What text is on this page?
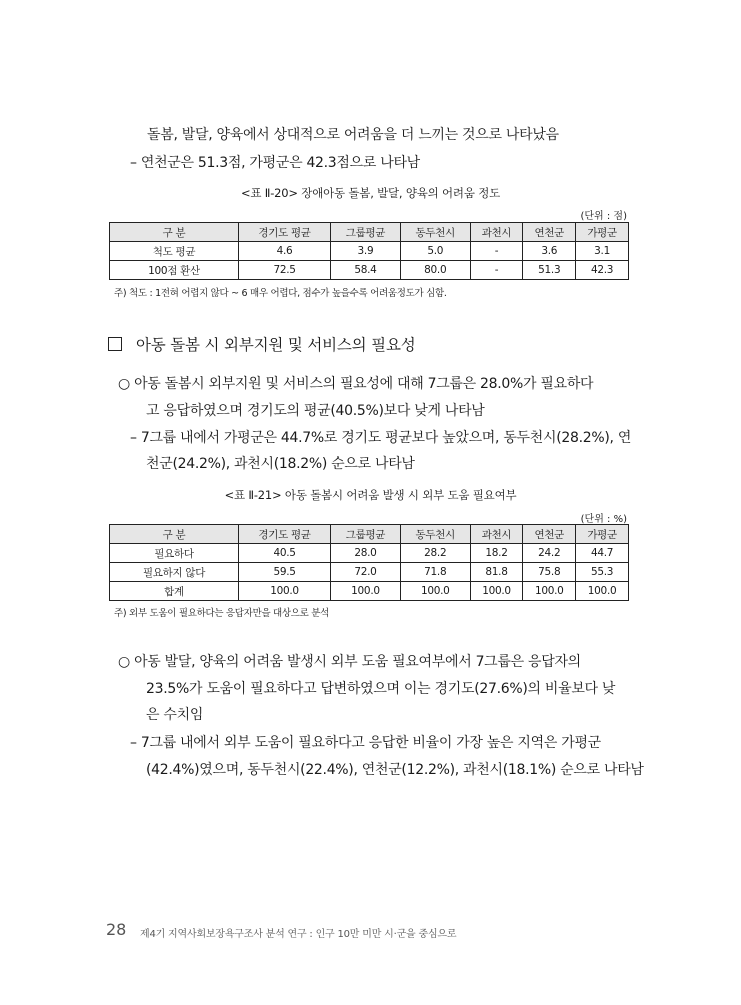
돌봄, 발달, 양육에서 상대적으로 어려움을 더 느끼는 것으로 나타났음
– 연천군은 51.3점, 가평군은 42.3점으로 나타남
<표 Ⅱ-20> 장애아동 돌봄, 발달, 양육의 어려움 정도
(단위 : 점)
구 분	경기도 평균	그룹평균	동두천시	과천시	연천군	가평군
척도 평균	4.6	3.9	5.0	-	3.6	3.1
100점 환산	72.5	58.4	80.0	-	51.3	42.3
주) 척도 : 1전혀 어렵지 않다 ~ 6 매우 어렵다, 점수가 높을수록 어려움정도가 심함.
아동 돌봄 시 외부지원 및 서비스의 필요성
○ 아동 돌봄시 외부지원 및 서비스의 필요성에 대해 7그룹은 28.0%가 필요하다
고 응답하였으며 경기도의 평균(40.5%)보다 낮게 나타남
– 7그룹 내에서 가평군은 44.7%로 경기도 평균보다 높았으며, 동두천시(28.2%), 연
천군(24.2%), 과천시(18.2%) 순으로 나타남
<표 Ⅱ-21> 아동 돌봄시 어려움 발생 시 외부 도움 필요여부
(단위 : %)
구 분	경기도 평균	그룹평균	동두천시	과천시	연천군	가평군
필요하다	40.5	28.0	28.2	18.2	24.2	44.7
필요하지 않다	59.5	72.0	71.8	81.8	75.8	55.3
합계	100.0	100.0	100.0	100.0	100.0	100.0
주) 외부 도움이 필요하다는 응답자만을 대상으로 분석
○ 아동 발달, 양육의 어려움 발생시 외부 도움 필요여부에서 7그룹은 응답자의
23.5%가 도움이 필요하다고 답변하였으며 이는 경기도(27.6%)의 비율보다 낮
은 수치임
– 7그룹 내에서 외부 도움이 필요하다고 응답한 비율이 가장 높은 지역은 가평군
(42.4%)였으며, 동두천시(22.4%), 연천군(12.2%), 과천시(18.1%) 순으로 나타남
28 제4기 지역사회보장욕구조사 분석 연구 : 인구 10만 미만 시·군을 중심으로
